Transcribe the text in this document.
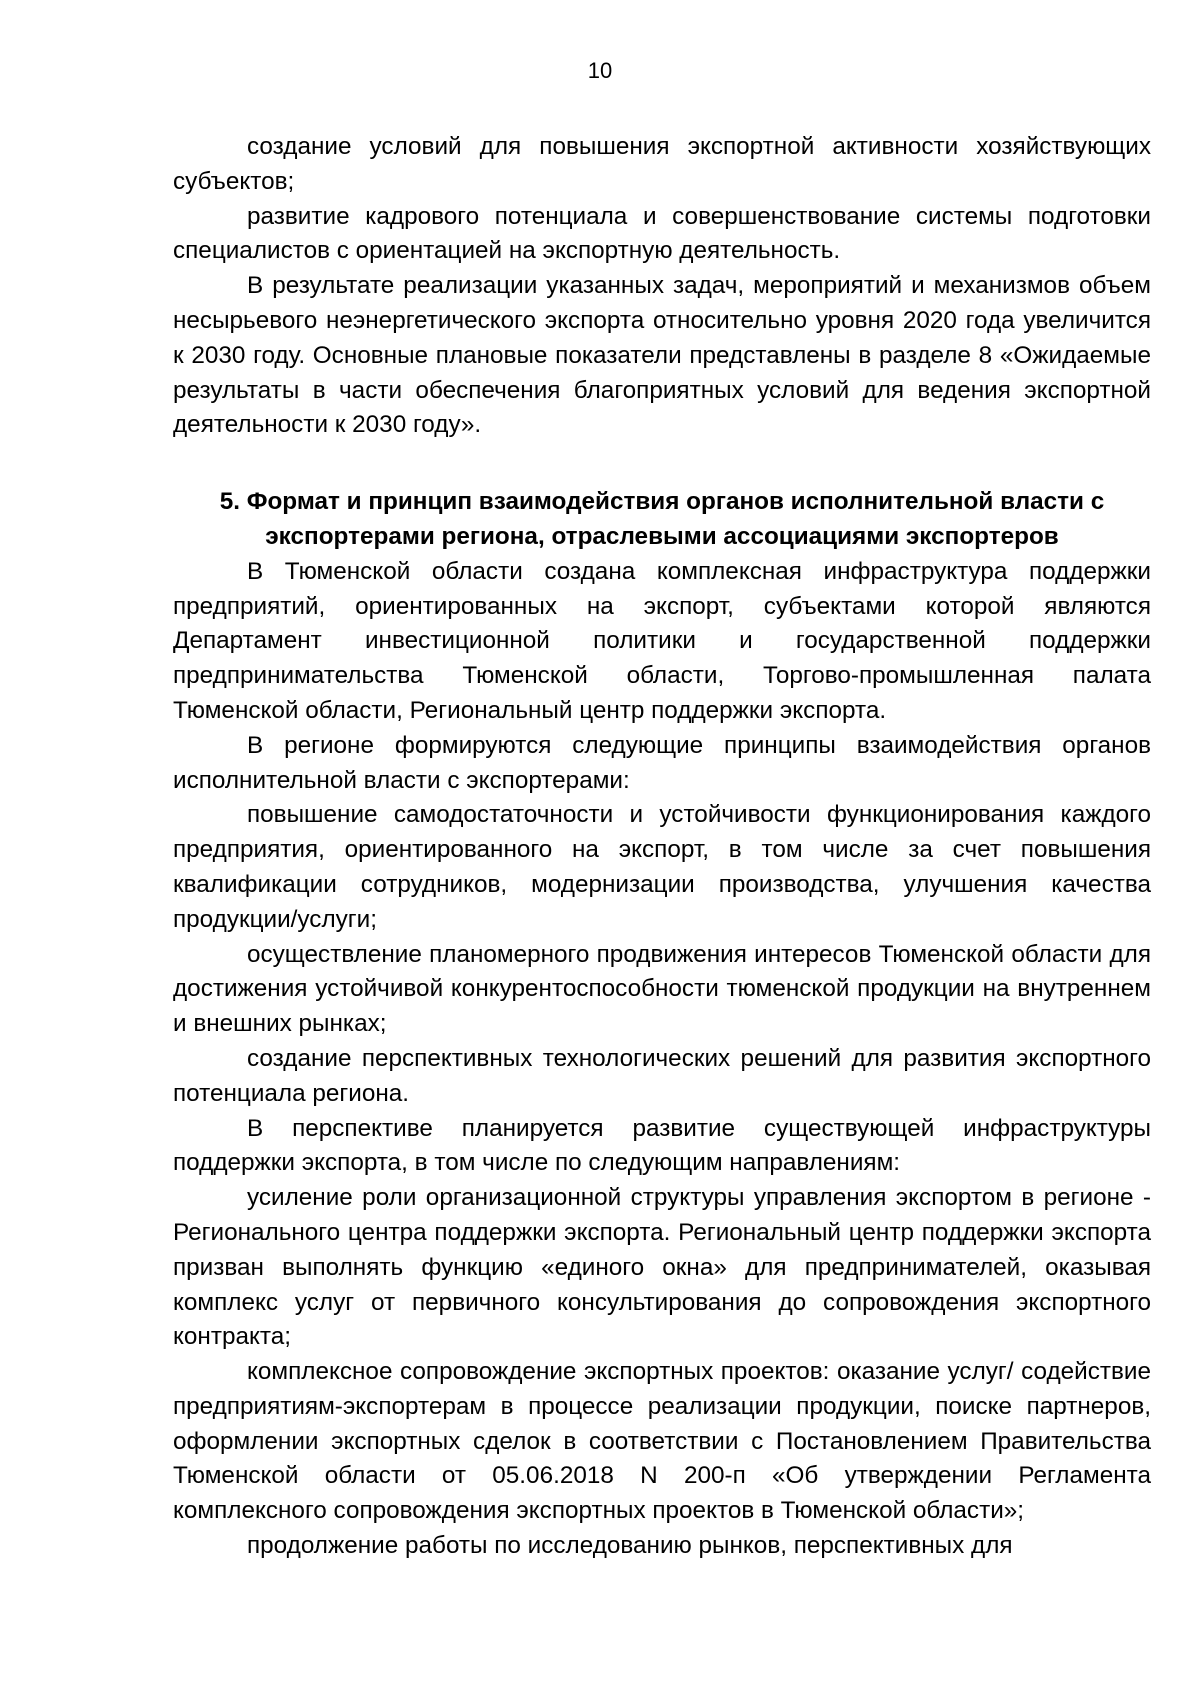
10

создание условий для повышения экспортной активности хозяйствующих субъектов;

развитие кадрового потенциала и совершенствование системы подготовки специалистов с ориентацией на экспортную деятельность.

В результате реализации указанных задач, мероприятий и механизмов объем несырьевого неэнергетического экспорта относительно уровня 2020 года увеличится к 2030 году. Основные плановые показатели представлены в разделе 8 «Ожидаемые результаты в части обеспечения благоприятных условий для ведения экспортной деятельности к 2030 году».

5. Формат и принцип взаимодействия органов исполнительной власти с экспортерами региона, отраслевыми ассоциациями экспортеров

В Тюменской области создана комплексная инфраструктура поддержки предприятий, ориентированных на экспорт, субъектами которой являются Департамент инвестиционной политики и государственной поддержки предпринимательства Тюменской области, Торгово-промышленная палата Тюменской области, Региональный центр поддержки экспорта.

В регионе формируются следующие принципы взаимодействия органов исполнительной власти с экспортерами:

повышение самодостаточности и устойчивости функционирования каждого предприятия, ориентированного на экспорт, в том числе за счет повышения квалификации сотрудников, модернизации производства, улучшения качества продукции/услуги;

осуществление планомерного продвижения интересов Тюменской области для достижения устойчивой конкурентоспособности тюменской продукции на внутреннем и внешних рынках;

создание перспективных технологических решений для развития экспортного потенциала региона.

В перспективе планируется развитие существующей инфраструктуры поддержки экспорта, в том числе по следующим направлениям:

усиление роли организационной структуры управления экспортом в регионе - Регионального центра поддержки экспорта. Региональный центр поддержки экспорта призван выполнять функцию «единого окна» для предпринимателей, оказывая комплекс услуг от первичного консультирования до сопровождения экспортного контракта;

комплексное сопровождение экспортных проектов: оказание услуг/ содействие предприятиям-экспортерам в процессе реализации продукции, поиске партнеров, оформлении экспортных сделок в соответствии с Постановлением Правительства Тюменской области от 05.06.2018 N 200-п «Об утверждении Регламента комплексного сопровождения экспортных проектов в Тюменской области»;

продолжение работы по исследованию рынков, перспективных для
